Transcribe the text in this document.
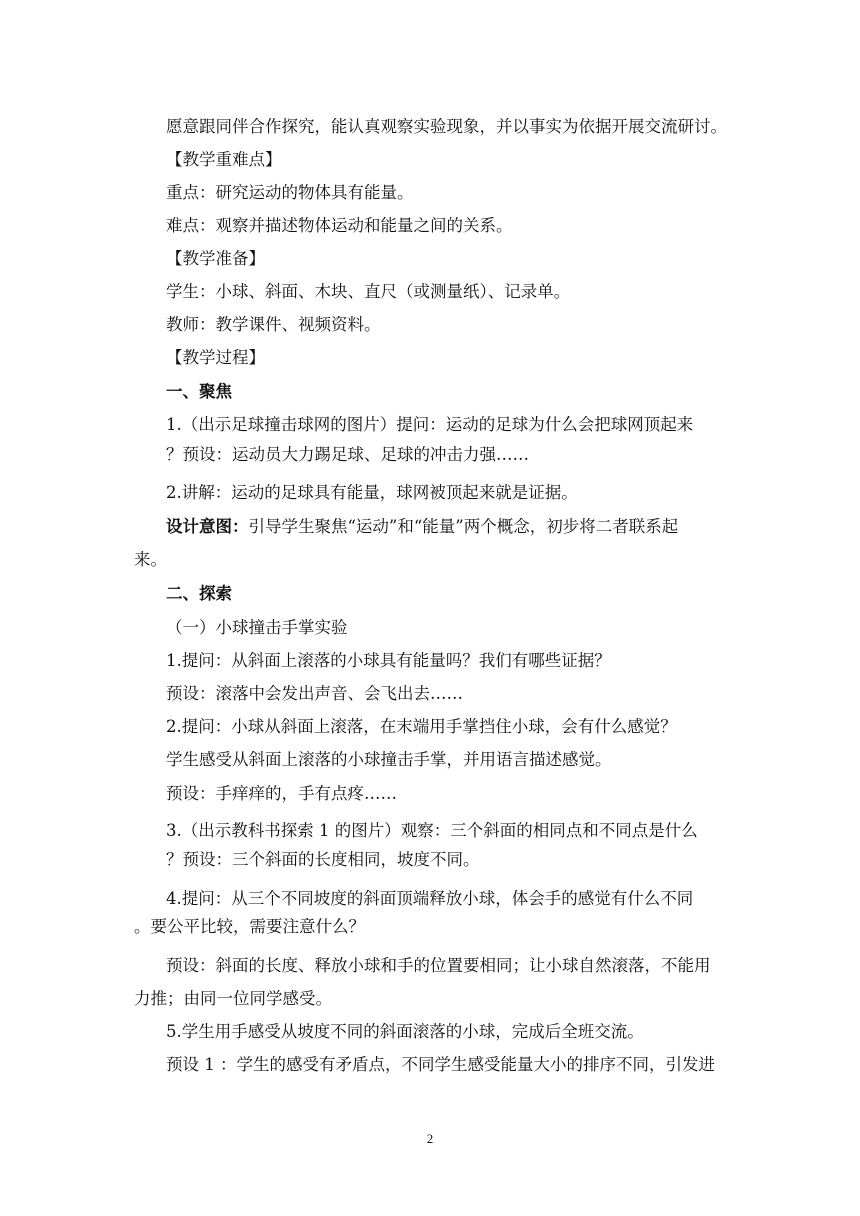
愿意跟同伴合作探究，能认真观察实验现象，并以事实为依据开展交流研讨。

【教学重难点】

重点：研究运动的物体具有能量。

难点：观察并描述物体运动和能量之间的关系。

【教学准备】

学生：小球、斜面、木块、直尺（或测量纸）、记录单。

教师：教学课件、视频资料。

【教学过程】

一、聚焦

1.（出示足球撞击球网的图片）提问：运动的足球为什么会把球网顶起来

？预设：运动员大力踢足球、足球的冲击力强……

2.讲解：运动的足球具有能量，球网被顶起来就是证据。

设计意图：引导学生聚焦“运动”和“能量”两个概念，初步将二者联系起

来。

二、探索

（一）小球撞击手掌实验

1.提问：从斜面上滚落的小球具有能量吗？我们有哪些证据？

预设：滚落中会发出声音、会飞出去……

2.提问：小球从斜面上滚落，在末端用手掌挡住小球，会有什么感觉？

学生感受从斜面上滚落的小球撞击手掌，并用语言描述感觉。

预设：手痒痒的，手有点疼……

3.（出示教科书探索 1 的图片）观察：三个斜面的相同点和不同点是什么

？预设：三个斜面的长度相同，坡度不同。

4.提问：从三个不同坡度的斜面顶端释放小球，体会手的感觉有什么不同

。要公平比较，需要注意什么？

预设：斜面的长度、释放小球和手的位置要相同；让小球自然滚落，不能用

力推；由同一位同学感受。

5.学生用手感受从坡度不同的斜面滚落的小球，完成后全班交流。

预设 1 ：学生的感受有矛盾点，不同学生感受能量大小的排序不同，引发进

2
